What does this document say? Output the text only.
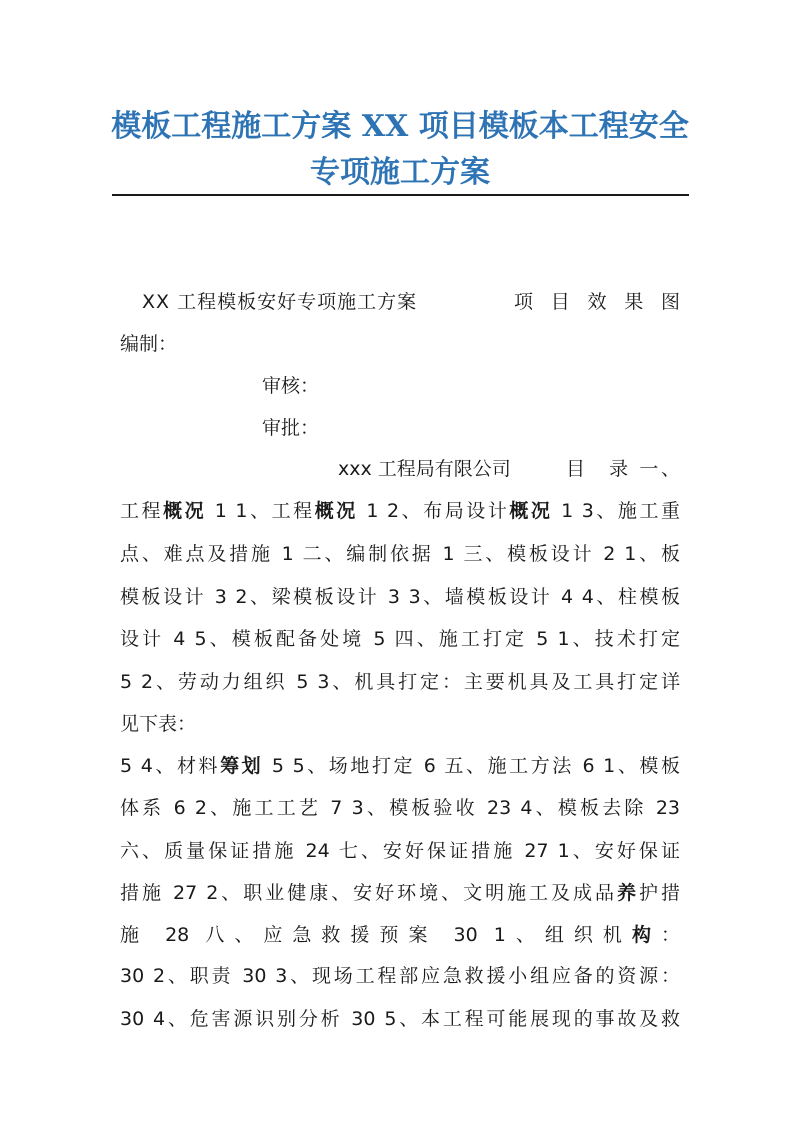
模板工程施工方案 XX 项目模板本工程安全
专项施工方案
XX 工程模板安好专项施工方案	项 目 效 果 图
编制：
审核：
审批：
xxx 工程局有限公司	目　录 一、
工程概况 1 1、工程概况 1 2、布局设计概况 1 3、施工重
点、难点及措施 1 二、编制依据 1 三、模板设计 2 1、板
模板设计 3 2、梁模板设计 3 3、墙模板设计 4 4、柱模板
设计 4 5、模板配备处境 5 四、施工打定 5 1、技术打定
5 2、劳动力组织 5 3、机具打定：主要机具及工具打定详
见下表：
5 4、材料筹划 5 5、场地打定 6 五、施工方法 6 1、模板
体系 6 2、施工工艺 7 3、模板验收 23 4、模板去除 23
六、质量保证措施 24 七、安好保证措施 27 1、安好保证
措施 27 2、职业健康、安好环境、文明施工及成品养护措
施 28 八、应急救援预案 30 1、组织机构：
30 2、职责 30 3、现场工程部应急救援小组应备的资源：
30 4、危害源识别分析 30 5、本工程可能展现的事故及救
